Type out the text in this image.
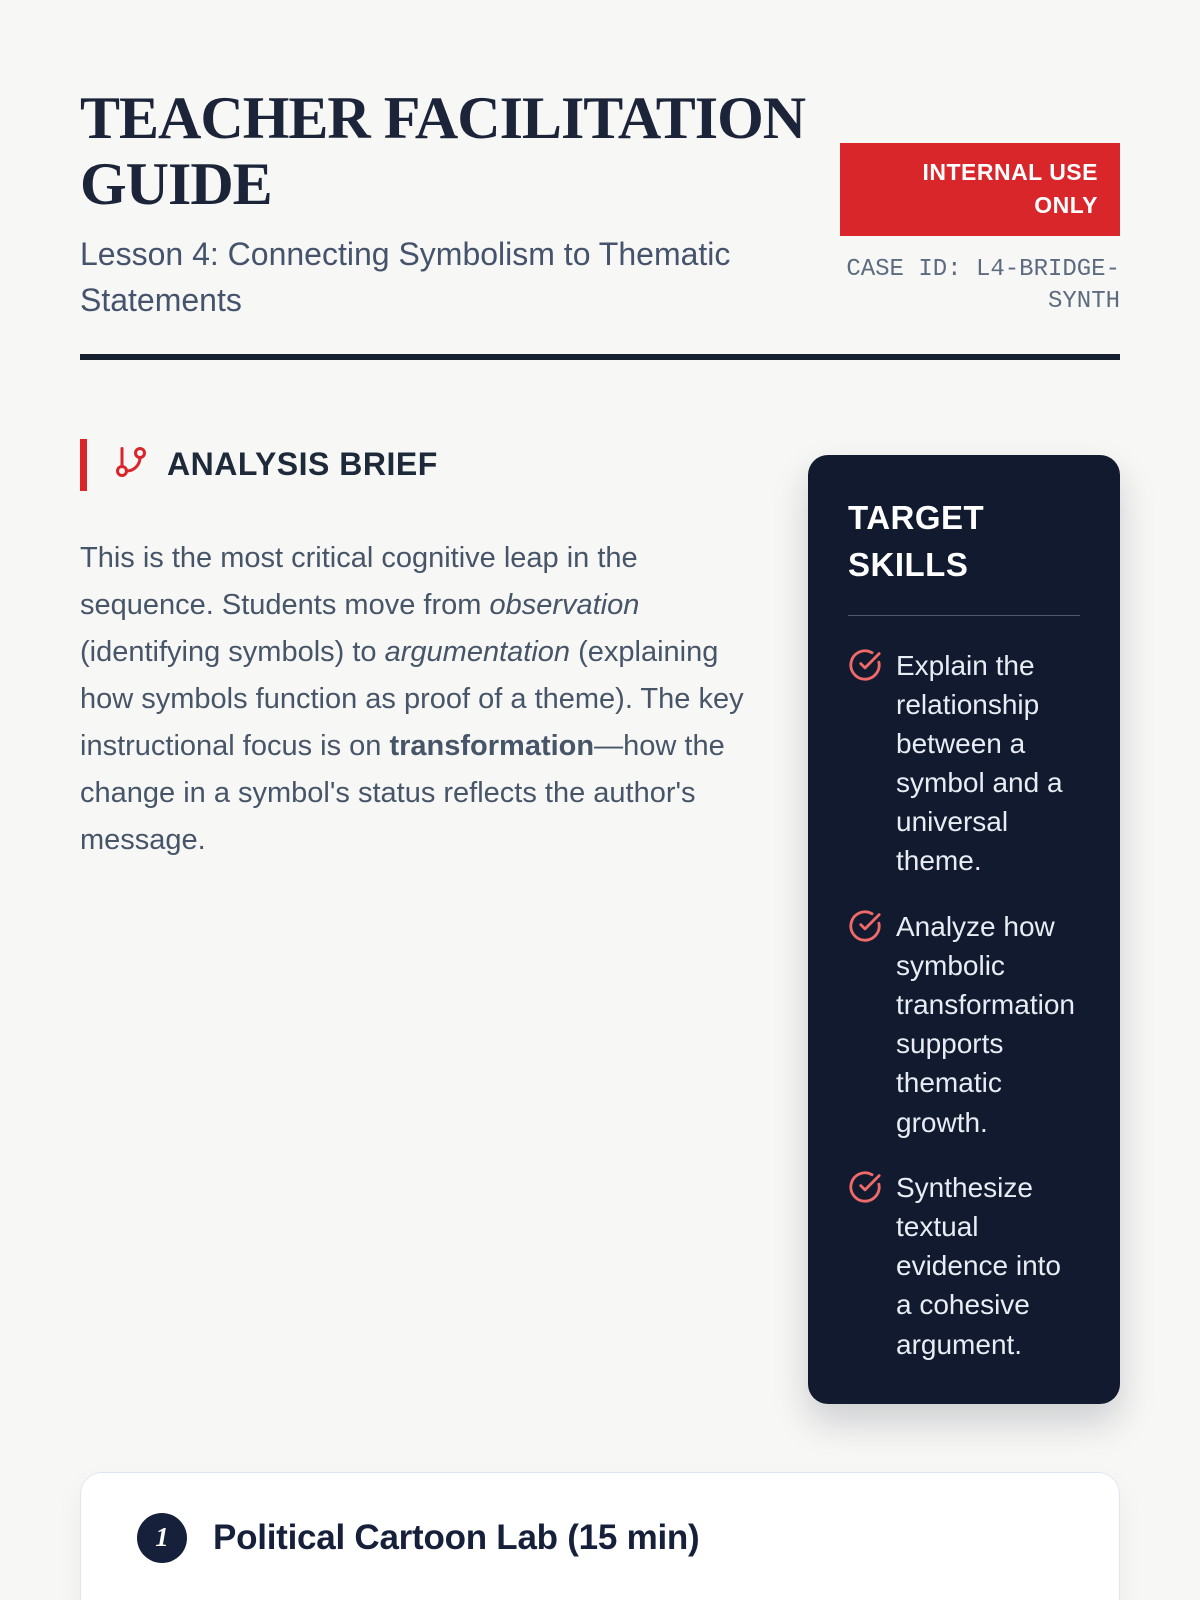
TEACHER FACILITATION GUIDE
Lesson 4: Connecting Symbolism to Thematic Statements
INTERNAL USE ONLY
CASE ID: L4-BRIDGE-SYNTH
ANALYSIS BRIEF

This is the most critical cognitive leap in the sequence. Students move from observation (identifying symbols) to argumentation (explaining how symbols function as proof of a theme). The key instructional focus is on transformation—how the change in a symbol's status reflects the author's message.

TARGET SKILLS
Explain the relationship between a symbol and a universal theme.
Analyze how symbolic transformation supports thematic growth.
Synthesize textual evidence into a cohesive argument.
1	Political Cartoon Lab (15 min)
